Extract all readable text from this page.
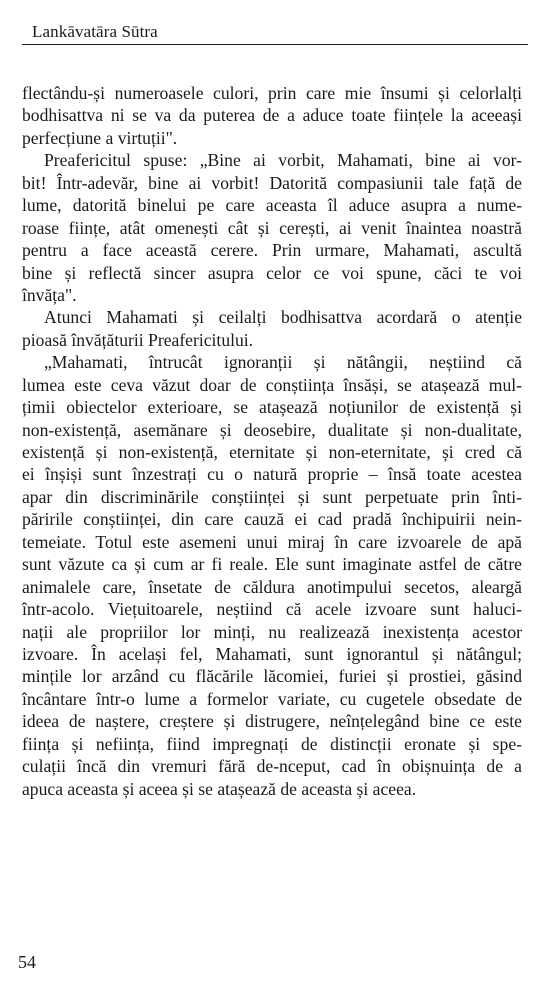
Lankāvatāra Sūtra
flectându-și numeroasele culori, prin care mie însumi și celorlalți
bodhisattva ni se va da puterea de a aduce toate ființele la aceeași
perfecțiune a virtuții".
Preafericitul spuse: „Bine ai vorbit, Mahamati, bine ai vor-
bit! Într-adevăr, bine ai vorbit! Datorită compasiunii tale față de
lume, datorită binelui pe care aceasta îl aduce asupra a nume-
roase ființe, atât omenești cât și cerești, ai venit înaintea noastră
pentru a face această cerere. Prin urmare, Mahamati, ascultă
bine și reflectă sincer asupra celor ce voi spune, căci te voi
învăța".
Atunci Mahamati și ceilalți bodhisattva acordară o atenție
pioasă învățăturii Preafericitului.
„Mahamati, întrucât ignoranții și nătângii, neștiind că
lumea este ceva văzut doar de conștiința însăși, se atașează mul-
țimii obiectelor exterioare, se atașează noțiunilor de existență și
non-existență, asemănare și deosebire, dualitate și non-dualitate,
existență și non-existență, eternitate și non-eternitate, și cred că
ei înșiși sunt înzestrați cu o natură proprie – însă toate acestea
apar din discriminările conștiinței și sunt perpetuate prin înti-
păririle conștiinței, din care cauză ei cad pradă închipuirii nein-
temeiate. Totul este asemeni unui miraj în care izvoarele de apă
sunt văzute ca și cum ar fi reale. Ele sunt imaginate astfel de către
animalele care, însetate de căldura anotimpului secetos, aleargă
într-acolo. Viețuitoarele, neștiind că acele izvoare sunt haluci-
nații ale propriilor lor minți, nu realizează inexistența acestor
izvoare. În același fel, Mahamati, sunt ignorantul și nătângul;
mințile lor arzând cu flăcările lăcomiei, furiei și prostiei, găsind
încântare într-o lume a formelor variate, cu cugetele obsedate de
ideea de naștere, creștere și distrugere, neînțelegând bine ce este
ființa și neființa, fiind impregnați de distincții eronate și spe-
culații încă din vremuri fără de-nceput, cad în obișnuința de a
apuca aceasta și aceea și se atașează de aceasta și aceea.
54
